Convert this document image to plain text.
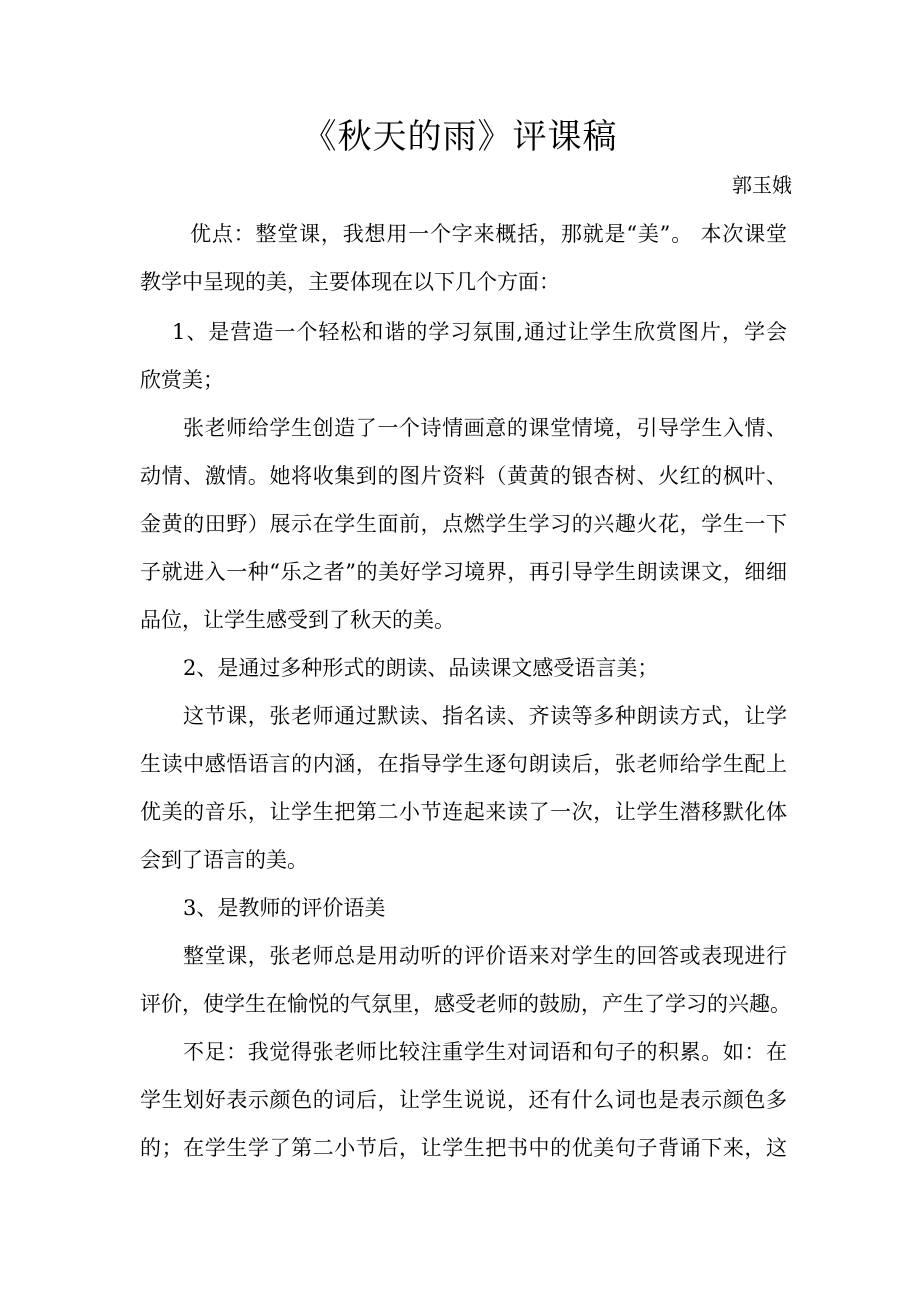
《秋天的雨》评课稿
郭玉娥
优点：整堂课，我想用一个字来概括，那就是“美”。 本次课堂
教学中呈现的美，主要体现在以下几个方面：
1、是营造一个轻松和谐的学习氛围,通过让学生欣赏图片，学会
欣赏美；
张老师给学生创造了一个诗情画意的课堂情境，引导学生入情、
动情、激情。她将收集到的图片资料（黄黄的银杏树、火红的枫叶、
金黄的田野）展示在学生面前，点燃学生学习的兴趣火花，学生一下
子就进入一种“乐之者”的美好学习境界，再引导学生朗读课文，细细
品位，让学生感受到了秋天的美。
2、是通过多种形式的朗读、品读课文感受语言美；
这节课，张老师通过默读、指名读、齐读等多种朗读方式，让学
生读中感悟语言的内涵，在指导学生逐句朗读后，张老师给学生配上
优美的音乐，让学生把第二小节连起来读了一次，让学生潜移默化体
会到了语言的美。
3、是教师的评价语美
整堂课，张老师总是用动听的评价语来对学生的回答或表现进行
评价，使学生在愉悦的气氛里，感受老师的鼓励，产生了学习的兴趣。
不足：我觉得张老师比较注重学生对词语和句子的积累。如：在
学生划好表示颜色的词后，让学生说说，还有什么词也是表示颜色多
的；在学生学了第二小节后，让学生把书中的优美句子背诵下来，这
